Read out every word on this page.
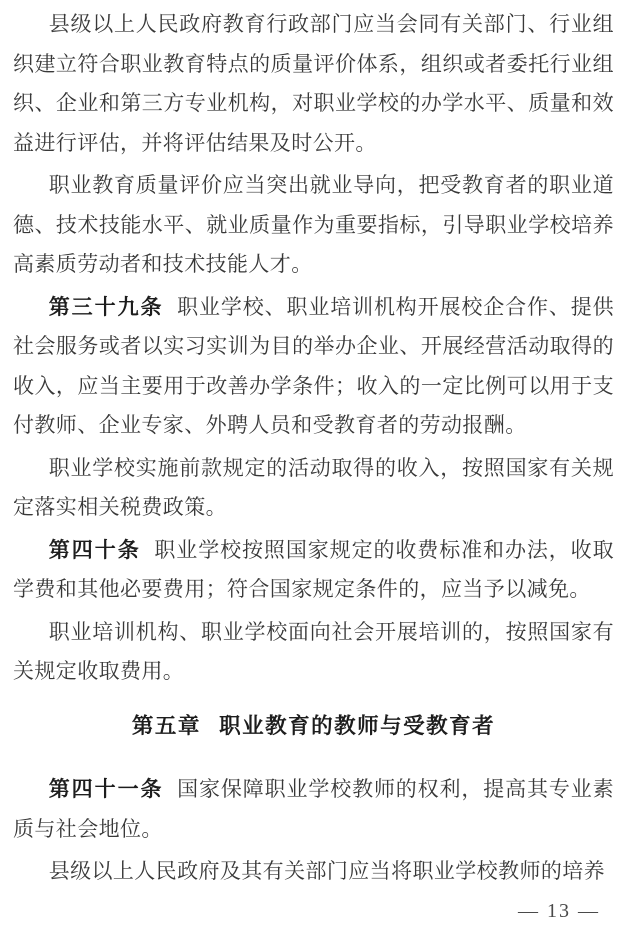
县级以上人民政府教育行政部门应当会同有关部门、行业组织建立符合职业教育特点的质量评价体系，组织或者委托行业组织、企业和第三方专业机构，对职业学校的办学水平、质量和效益进行评估，并将评估结果及时公开。

职业教育质量评价应当突出就业导向，把受教育者的职业道德、技术技能水平、就业质量作为重要指标，引导职业学校培养高素质劳动者和技术技能人才。

第三十九条 职业学校、职业培训机构开展校企合作、提供社会服务或者以实习实训为目的举办企业、开展经营活动取得的收入，应当主要用于改善办学条件；收入的一定比例可以用于支付教师、企业专家、外聘人员和受教育者的劳动报酬。

职业学校实施前款规定的活动取得的收入，按照国家有关规定落实相关税费政策。

第四十条 职业学校按照国家规定的收费标准和办法，收取学费和其他必要费用；符合国家规定条件的，应当予以减免。

职业培训机构、职业学校面向社会开展培训的，按照国家有关规定收取费用。

第五章 职业教育的教师与受教育者

第四十一条 国家保障职业学校教师的权利，提高其专业素质与社会地位。

县级以上人民政府及其有关部门应当将职业学校教师的培养

— 13 —
